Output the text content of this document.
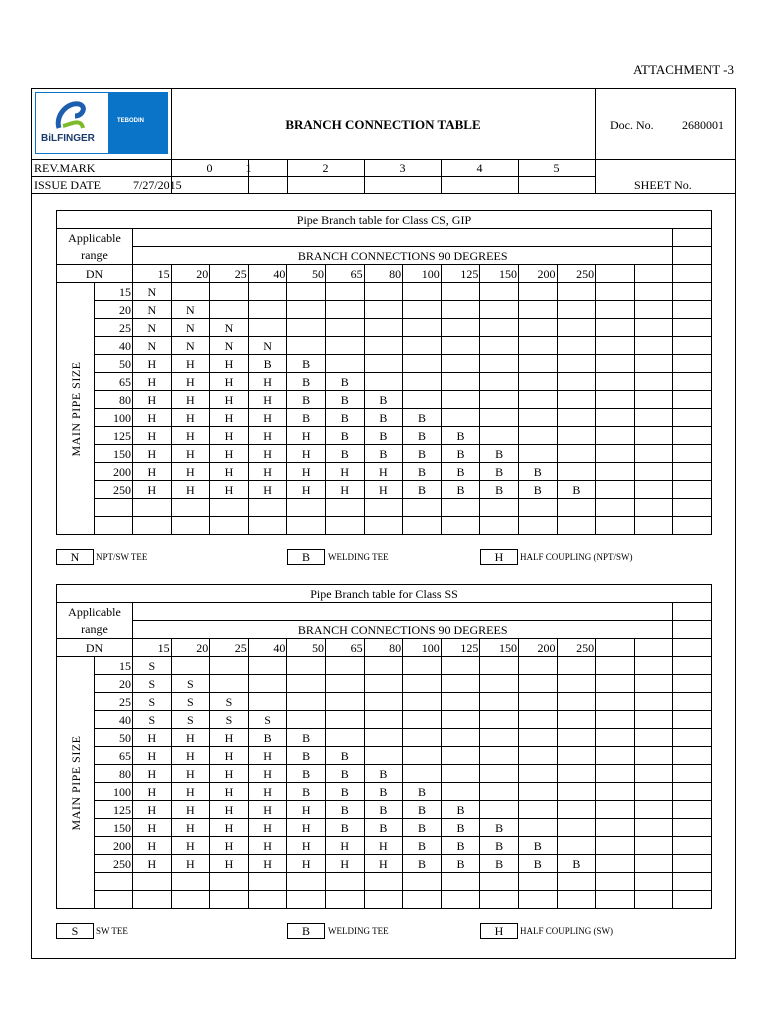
ATTACHMENT -3
BRANCH CONNECTION TABLE	Doc. No. 2680001
REV.MARK
ISSUE DATE
0	1	2	3	4	5
7/27/2015	SHEET No.
BiLFINGER
TEBODIN
Pipe Branch table for Class CS, GIP																
Applicable																
range		BRANCH CONNECTIONS 90 DEGREES														
DN		15	20	25	40	50	65	80	100	125	150	200	250			

MAIN PIPE SIZE	15	N														
	20	N	N													
	25	N	N	N												
	40	N	N	N	N											
	50	H	H	H	B	B										
	65	H	H	H	H	B	B									
	80	H	H	H	H	B	B	B								
	100	H	H	H	H	B	B	B	B							
	125	H	H	H	H	H	B	B	B	B						
	150	H	H	H	H	H	B	B	B	B	B					
	200	H	H	H	H	H	H	H	B	B	B	B				
	250	H	H	H	H	H	H	H	B	B	B	B	B			

N	NPT/SW TEE	B	WELDING TEE	H	HALF COUPLING (NPT/SW)
Pipe Branch table for Class SS																
Applicable																
range		BRANCH CONNECTIONS 90 DEGREES														
DN		15	20	25	40	50	65	80	100	125	150	200	250			

MAIN PIPE SIZE	15	S														
	20	S	S													
	25	S	S	S												
	40	S	S	S	S											
	50	H	H	H	B	B										
	65	H	H	H	H	B	B									
	80	H	H	H	H	B	B	B								
	100	H	H	H	H	B	B	B	B							
	125	H	H	H	H	H	B	B	B	B						
	150	H	H	H	H	H	B	B	B	B	B					
	200	H	H	H	H	H	H	H	B	B	B	B				
	250	H	H	H	H	H	H	H	B	B	B	B	B			

S	SW TEE	B	WELDING TEE	H	HALF COUPLING (SW)
